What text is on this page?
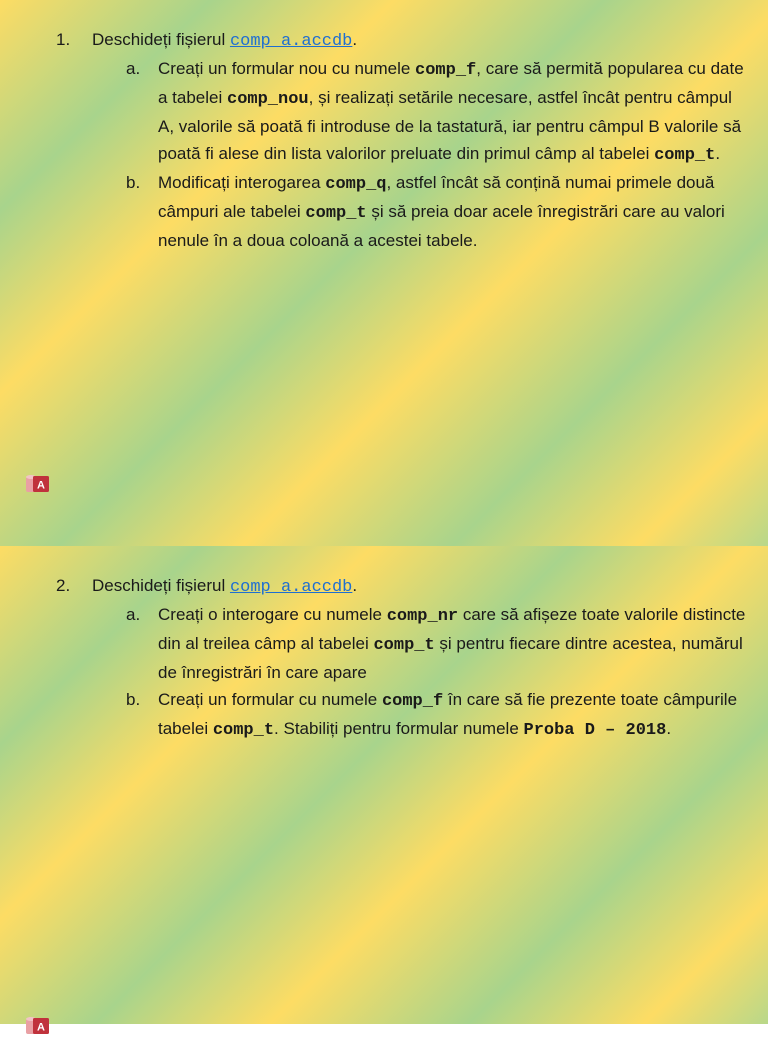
1. Deschideți fișierul comp_a.accdb.
a. Creați un formular nou cu numele comp_f, care să permită popularea cu date a tabelei comp_nou, și realizați setările necesare, astfel încât pentru câmpul A, valorile să poată fi introduse de la tastatură, iar pentru câmpul B valorile să poată fi alese din lista valorilor preluate din primul câmp al tabelei comp_t.
b. Modificați interogarea comp_q, astfel încât să conțină numai primele două câmpuri ale tabelei comp_t și să preia doar acele înregistrări care au valori nenule în a doua coloană a acestei tabele.
A
2. Deschideți fișierul comp_a.accdb.
a. Creați o interogare cu numele comp_nr care să afișeze toate valorile distincte din al treilea câmp al tabelei comp_t și pentru fiecare dintre acestea, numărul de înregistrări în care apare
b. Creați un formular cu numele comp_f în care să fie prezente toate câmpurile tabelei comp_t. Stabiliți pentru formular numele Proba D – 2018.
A
